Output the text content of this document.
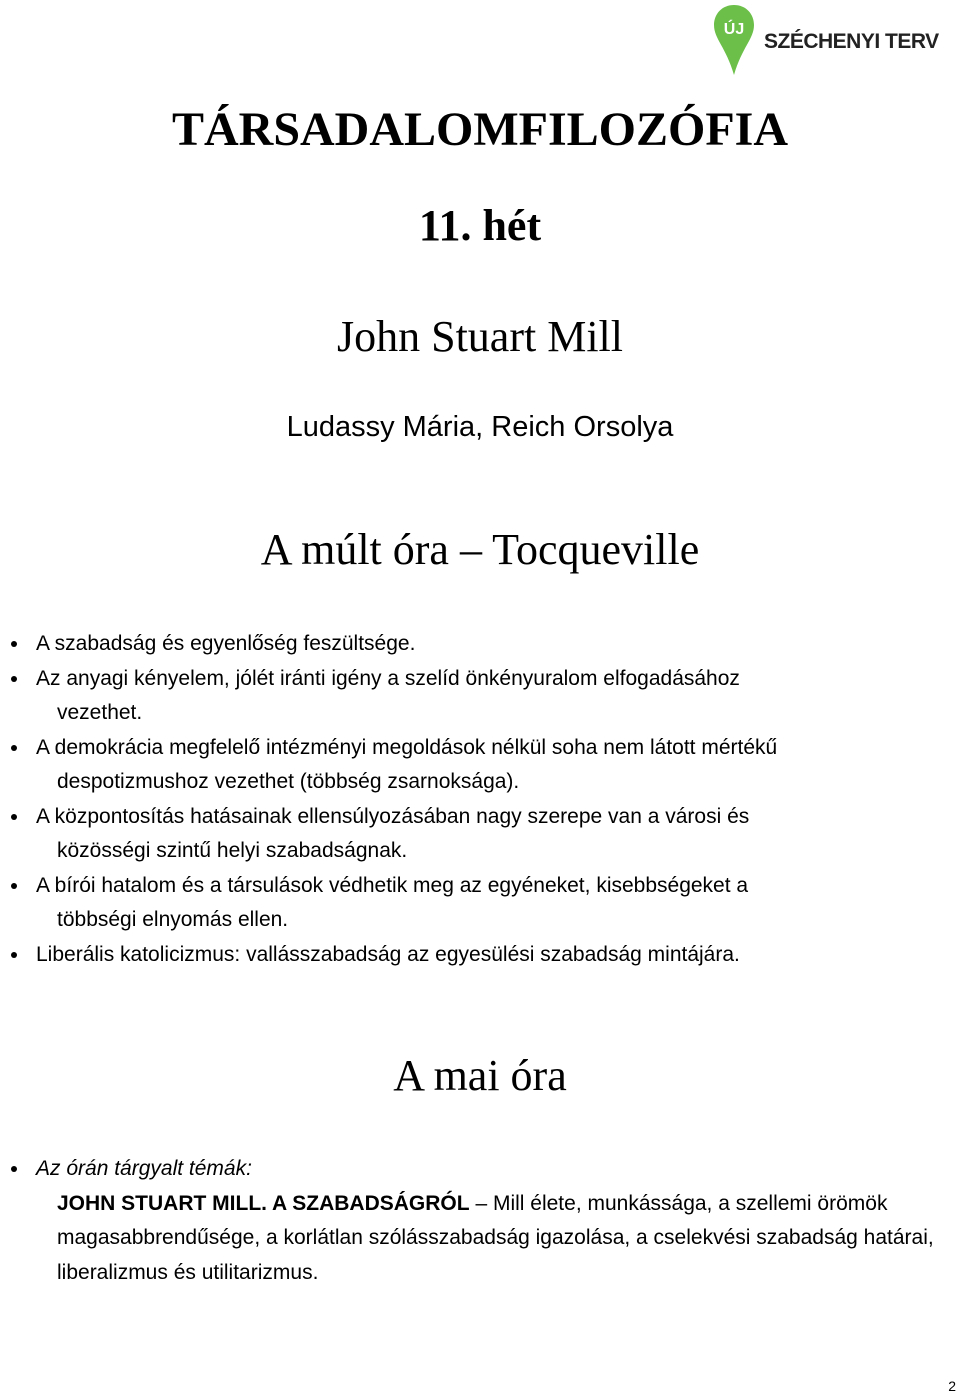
ÚJ
SZÉCHENYI TERV
TÁRSADALOMFILOZÓFIA
11. hét
John Stuart Mill
Ludassy Mária, Reich Orsolya
A múlt óra – Tocqueville
A szabadság és egyenlőség feszültsége.

Az anyagi kényelem, jólét iránti igény a szelíd önkényuralom elfogadásához
vezethet.
A demokrácia megfelelő intézményi megoldások nélkül soha nem látott mértékű
despotizmushoz vezethet (többség zsarnoksága).
A központosítás hatásainak ellensúlyozásában nagy szerepe van a városi és
közösségi szintű helyi szabadságnak.
A bírói hatalom és a társulások védhetik meg az egyéneket, kisebbségeket a
többségi elnyomás ellen.
Liberális katolicizmus: vallásszabadság az egyesülési szabadság mintájára.
A mai óra
Az órán tárgyalt témák:
JOHN STUART MILL. A SZABADSÁGRÓL – Mill élete, munkássága, a szellemi örömök magasabbrendűsége, a korlátlan szólásszabadság igazolása, a cselekvési szabadság határai, liberalizmus és utilitarizmus.
2
